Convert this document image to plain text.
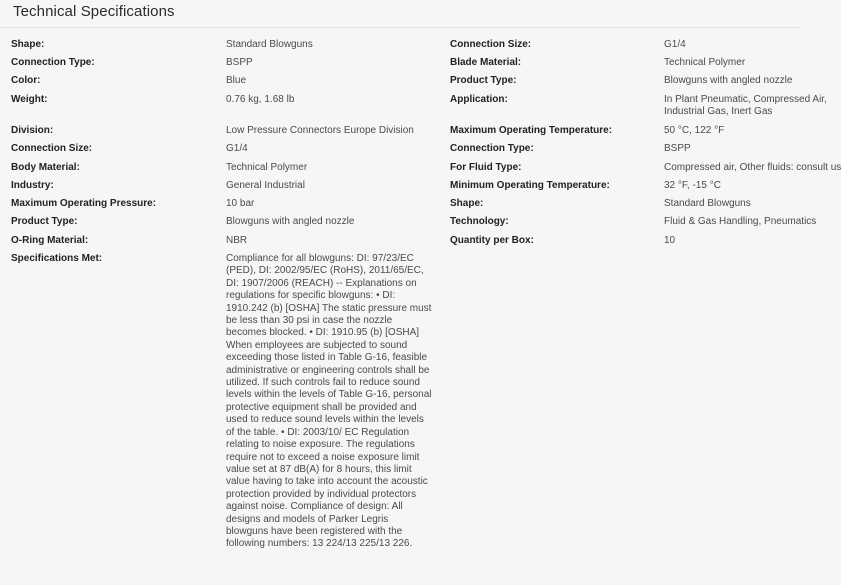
Technical Specifications
Shape:	Standard Blowguns
Connection Type:	BSPP
Color:	Blue
Weight:	0.76 kg, 1.68 lb
Division:	Low Pressure Connectors Europe Division
Connection Size:	G1/4
Body Material:	Technical Polymer
Industry:	General Industrial
Maximum Operating Pressure:	10 bar
Product Type:	Blowguns with angled nozzle
O-Ring Material:	NBR
Specifications Met:	Compliance for all blowguns: DI: 97/23/EC (PED), DI: 2002/95/EC (RoHS), 2011/65/EC, DI: 1907/2006 (REACH) -- Explanations on regulations for specific blowguns: • DI: 1910.242 (b) [OSHA] The static pressure must be less than 30 psi in case the nozzle becomes blocked. • DI: 1910.95 (b) [OSHA] When employees are subjected to sound exceeding those listed in Table G-16, feasible administrative or engineering controls shall be utilized. If such controls fail to reduce sound levels within the levels of Table G-16, personal protective equipment shall be provided and used to reduce sound levels within the levels of the table. • DI: 2003/10/ EC Regulation relating to noise exposure. The regulations require not to exceed a noise exposure limit value set at 87 dB(A) for 8 hours, this limit value having to take into account the acoustic protection provided by individual protectors against noise. Compliance of design: All designs and models of Parker Legris blowguns have been registered with the following numbers: 13 224/13 225/13 226.
Connection Size:	G1/4
Blade Material:	Technical Polymer
Product Type:	Blowguns with angled nozzle
Application:	In Plant Pneumatic, Compressed Air,
Industrial Gas, Inert Gas
Maximum Operating Temperature:	50 °C, 122 °F
Connection Type:	BSPP
For Fluid Type:	Compressed air, Other fluids: consult us
Minimum Operating Temperature:	32 °F, -15 °C
Shape:	Standard Blowguns
Technology:	Fluid & Gas Handling, Pneumatics
Quantity per Box:	10
